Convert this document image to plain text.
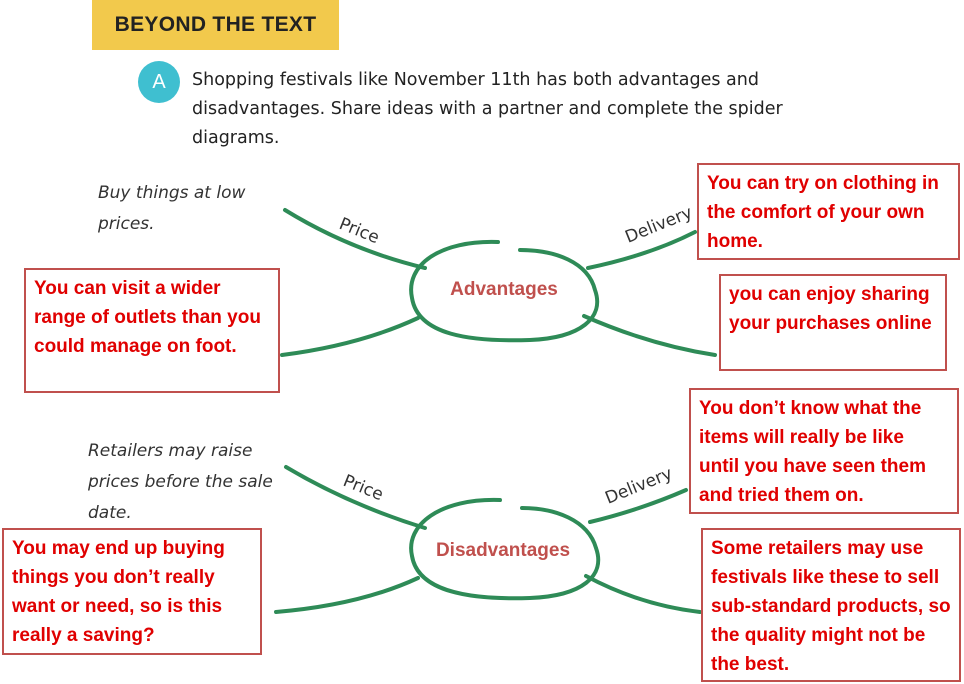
BEYOND THE TEXT
A	Shopping festivals like November 11th has both advantages and disadvantages. Share ideas with a partner and complete the spider diagrams.
Advantages
Disadvantages
Price	Delivery
Price	Delivery
Buy things at low prices.
You can visit a wider range of outlets than you could manage on foot.
You can try on clothing in the comfort of your own home.
you can enjoy sharing your purchases online
Retailers may raise prices before the sale date.
You may end up buying things you don’t really want or need, so is this really a saving?
You don’t know what the items will really be like until you have seen them and tried them on.
Some retailers may use festivals like these to sell sub-standard products, so the quality might not be the best.
